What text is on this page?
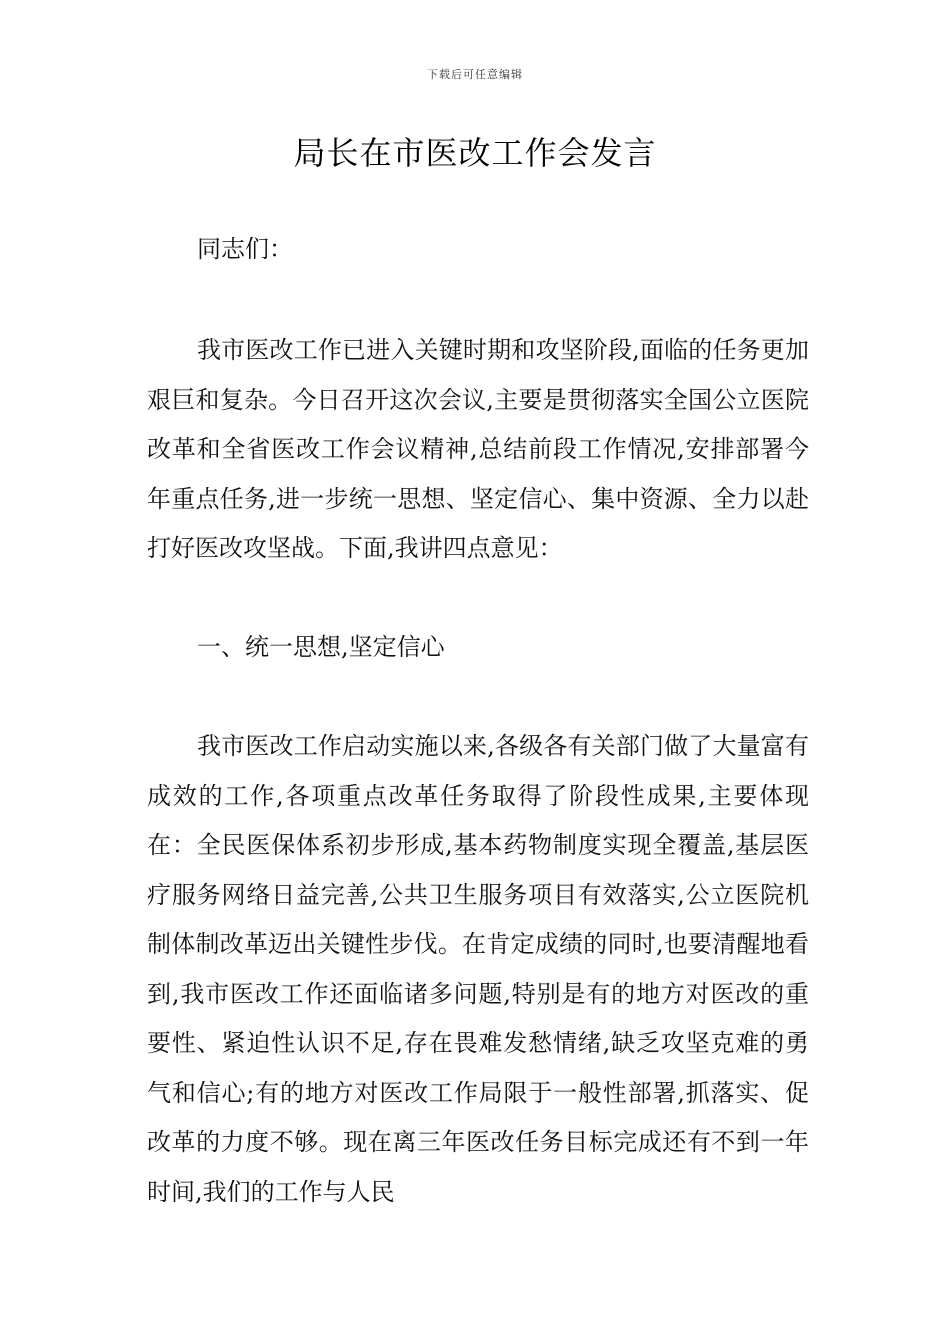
下载后可任意编辑
局长在市医改工作会发言
同志们：
我市医改工作已进入关键时期和攻坚阶段,面临的任务更加艰巨和复杂。今日召开这次会议,主要是贯彻落实全国公立医院改革和全省医改工作会议精神,总结前段工作情况,安排部署今年重点任务,进一步统一思想、坚定信心、集中资源、全力以赴打好医改攻坚战。下面,我讲四点意见：
一、统一思想,坚定信心
我市医改工作启动实施以来,各级各有关部门做了大量富有成效的工作,各项重点改革任务取得了阶段性成果,主要体现在：全民医保体系初步形成,基本药物制度实现全覆盖,基层医疗服务网络日益完善,公共卫生服务项目有效落实,公立医院机制体制改革迈出关键性步伐。在肯定成绩的同时,也要清醒地看到,我市医改工作还面临诸多问题,特别是有的地方对医改的重要性、紧迫性认识不足,存在畏难发愁情绪,缺乏攻坚克难的勇气和信心;有的地方对医改工作局限于一般性部署,抓落实、促改革的力度不够。现在离三年医改任务目标完成还有不到一年时间,我们的工作与人民
